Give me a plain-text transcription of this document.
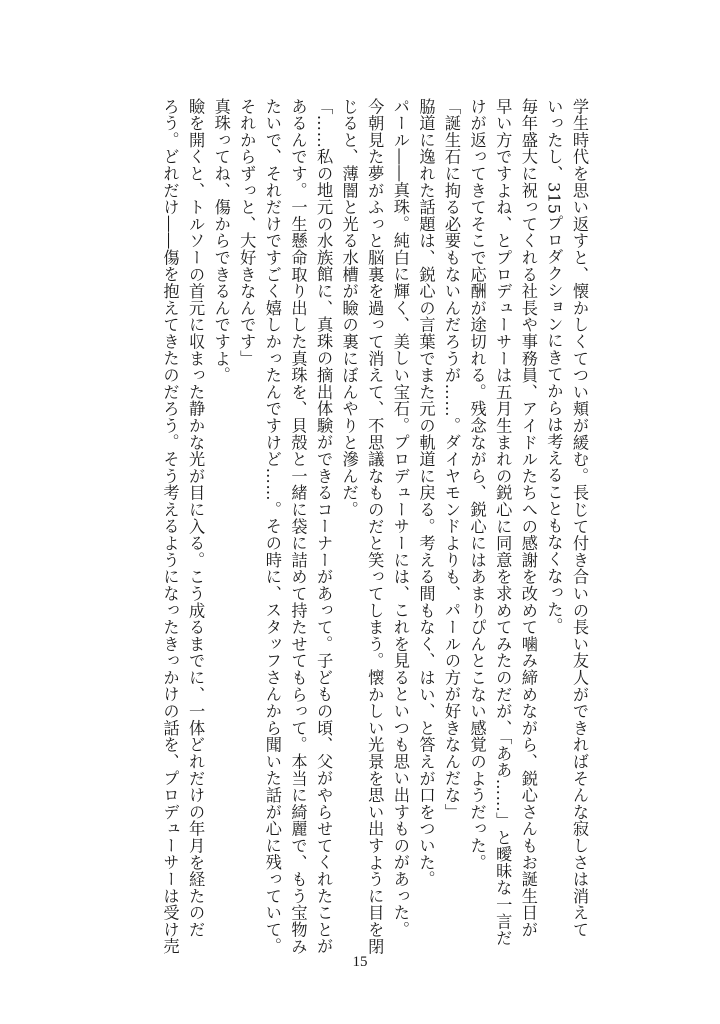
学生時代を思い返すと、懐かしくてつい頬が緩む。長じて付き合いの長い友人ができればそんな寂しさは消えて
いったし、315プロダクションにきてからは考えることもなくなった。
毎年盛大に祝ってくれる社長や事務員、アイドルたちへの感謝を改めて噛み締めながら、鋭心さんもお誕生日が
早い方ですよね、とプロデューサーは五月生まれの鋭心に同意を求めてみたのだが、「ああ……」と曖昧な一言だ
けが返ってきてそこで応酬が途切れる。残念ながら、鋭心にはあまりぴんとこない感覚のようだった。
「誕生石に拘る必要もないんだろうが……。ダイヤモンドよりも、パールの方が好きなんだな」
脇道に逸れた話題は、鋭心の言葉でまた元の軌道に戻る。考える間もなく、はい、と答えが口をついた。
パール――真珠。純白に輝く、美しい宝石。プロデューサーには、これを見るといつも思い出すものがあった。
今朝見た夢がふっと脳裏を過って消えて、不思議なものだと笑ってしまう。懐かしい光景を思い出すように目を閉
じると、薄闇と光る水槽が瞼の裏にぼんやりと滲んだ。
「……私の地元の水族館に、真珠の摘出体験ができるコーナーがあって。子どもの頃、父がやらせてくれたことが
あるんです。一生懸命取り出した真珠を、貝殻と一緒に袋に詰めて持たせてもらって。本当に綺麗で、もう宝物み
たいで、それだけですごく嬉しかったんですけど……。その時に、スタッフさんから聞いた話が心に残っていて。
それからずっと、大好きなんです」
真珠ってね、傷からできるんですよ。
瞼を開くと、トルソーの首元に収まった静かな光が目に入る。こう成るまでに、一体どれだけの年月を経たのだ
ろう。どれだけ――傷を抱えてきたのだろう。そう考えるようになったきっかけの話を、プロデューサーは受け売
15
